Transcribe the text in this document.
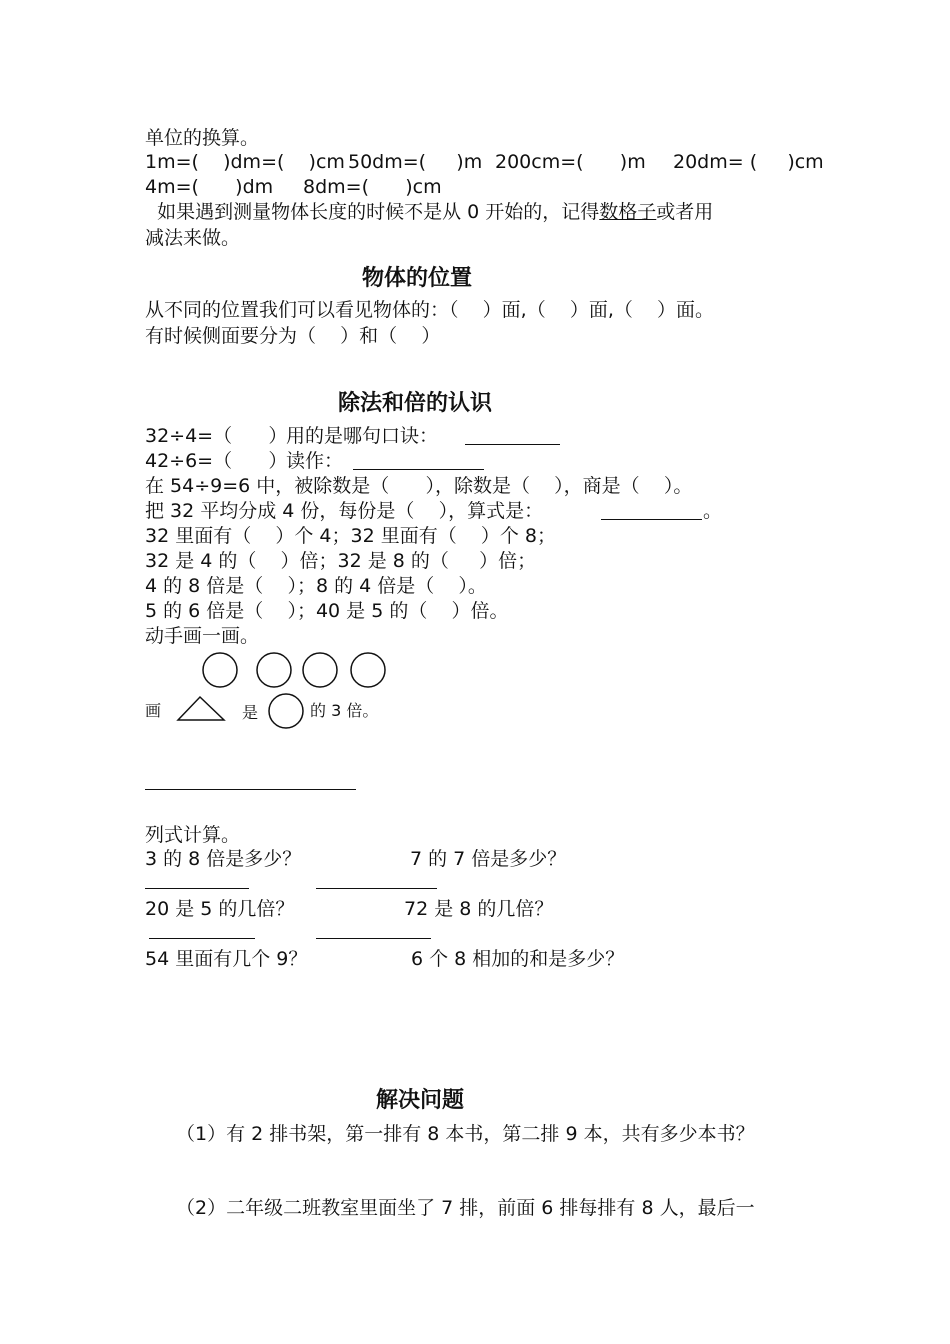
单位的换算。
1m=(    )dm=(    )cm 50dm=(     )m 200cm=(      )m 20dm= (     )cm
4m=(      )dm 8dm=(      )cm
如果遇到测量物体长度的时候不是从 0 开始的，记得数格子或者用
减法来做。
物体的位置
从不同的位置我们可以看见物体的：（    ）面,（    ）面,（    ）面。
有时候侧面要分为（    ）和（    ）
除法和倍的认识
32÷4=（      ）
用的是哪句口诀：
42÷6=（      ）
读作：
在 54÷9=6 中，被除数是（      ），除数是（    ），商是（    ）。
把 32 平均分成 4 份，每份是（    ），算式是：	。
32 里面有（    ）个 4；32 里面有（    ）个 8；
32 是 4 的（    ）倍；32 是 8 的（     ）倍；
4 的 8 倍是（    ）；8 的 4 倍是（    ）。
5 的 6 倍是（    ）；40 是 5 的（    ）倍。
动手画一画。
画	是	的 3 倍。
列式计算。
3 的 8 倍是多少？	7 的 7 倍是多少？
20 是 5 的几倍？	72 是 8 的几倍？
54 里面有几个 9？	6 个 8 相加的和是多少？
解决问题
（1）有 2 排书架，第一排有 8 本书，第二排 9 本，共有多少本书？
（2）二年级二班教室里面坐了 7 排，前面 6 排每排有 8 人，最后一
